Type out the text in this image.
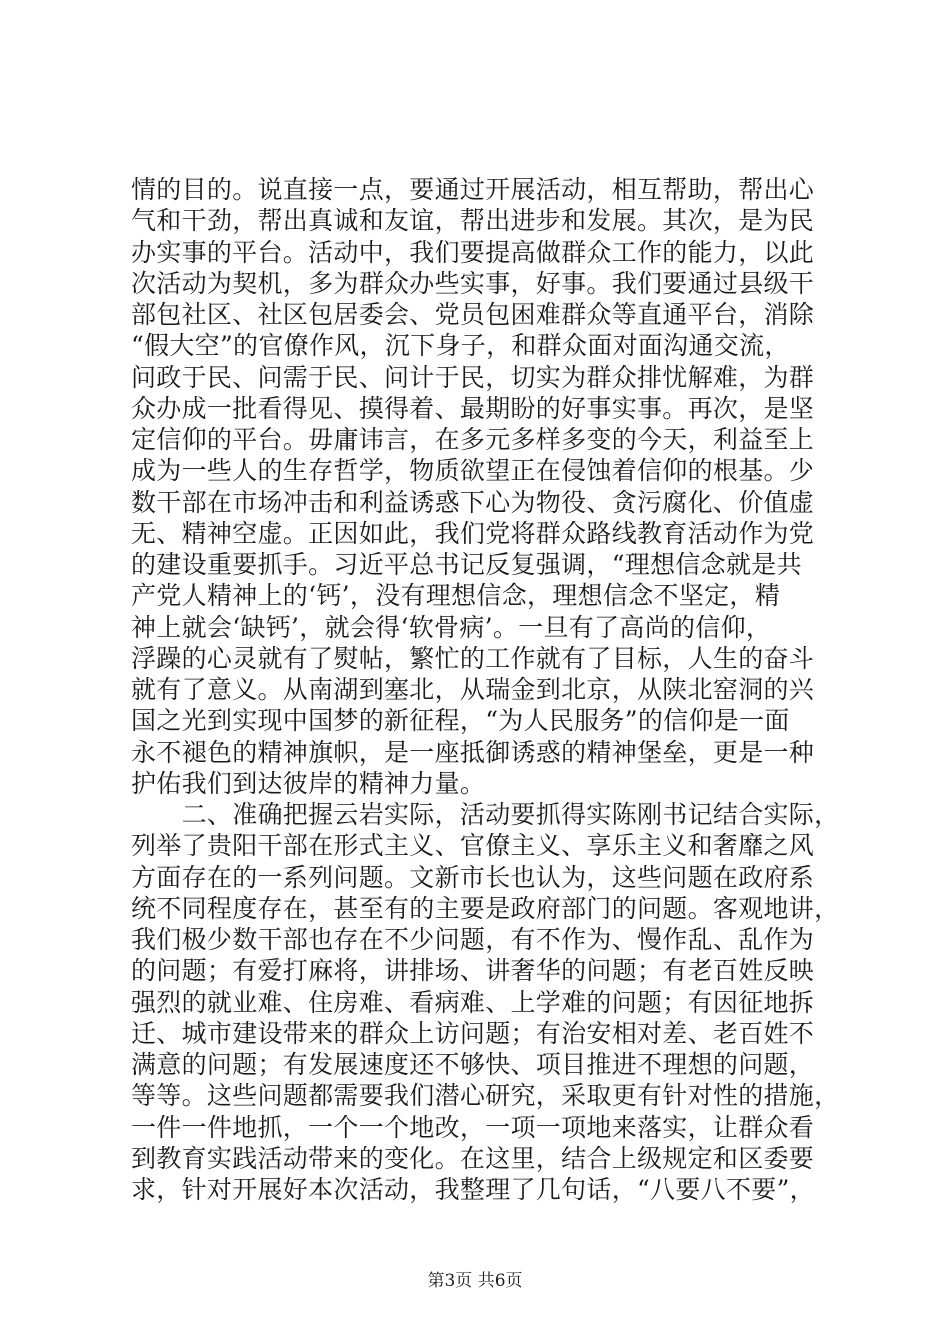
情的目的。说直接一点，要通过开展活动，相互帮助，帮出心
气和干劲，帮出真诚和友谊，帮出进步和发展。其次，是为民
办实事的平台。活动中，我们要提高做群众工作的能力，以此
次活动为契机，多为群众办些实事，好事。我们要通过县级干
部包社区、社区包居委会、党员包困难群众等直通平台，消除
“假大空”的官僚作风，沉下身子，和群众面对面沟通交流，
问政于民、问需于民、问计于民，切实为群众排忧解难，为群
众办成一批看得见、摸得着、最期盼的好事实事。再次，是坚
定信仰的平台。毋庸讳言，在多元多样多变的今天，利益至上
成为一些人的生存哲学，物质欲望正在侵蚀着信仰的根基。少
数干部在市场冲击和利益诱惑下心为物役、贪污腐化、价值虚
无、精神空虚。正因如此，我们党将群众路线教育活动作为党
的建设重要抓手。习近平总书记反复强调，“理想信念就是共
产党人精神上的‘钙’，没有理想信念，理想信念不坚定，精
神上就会‘缺钙’，就会得‘软骨病’。一旦有了高尚的信仰，
浮躁的心灵就有了熨帖，繁忙的工作就有了目标，人生的奋斗
就有了意义。从南湖到塞北，从瑞金到北京，从陕北窑洞的兴
国之光到实现中国梦的新征程，“为人民服务”的信仰是一面
永不褪色的精神旗帜，是一座抵御诱惑的精神堡垒，更是一种
护佑我们到达彼岸的精神力量。
　　二、准确把握云岩实际，活动要抓得实陈刚书记结合实际，
列举了贵阳干部在形式主义、官僚主义、享乐主义和奢靡之风
方面存在的一系列问题。文新市长也认为，这些问题在政府系
统不同程度存在，甚至有的主要是政府部门的问题。客观地讲，
我们极少数干部也存在不少问题，有不作为、慢作乱、乱作为
的问题；有爱打麻将，讲排场、讲奢华的问题；有老百姓反映
强烈的就业难、住房难、看病难、上学难的问题；有因征地拆
迁、城市建设带来的群众上访问题；有治安相对差、老百姓不
满意的问题；有发展速度还不够快、项目推进不理想的问题，
等等。这些问题都需要我们潜心研究，采取更有针对性的措施，
一件一件地抓，一个一个地改，一项一项地来落实，让群众看
到教育实践活动带来的变化。在这里，结合上级规定和区委要
求，针对开展好本次活动，我整理了几句话，“八要八不要”，
第3页 共6页
